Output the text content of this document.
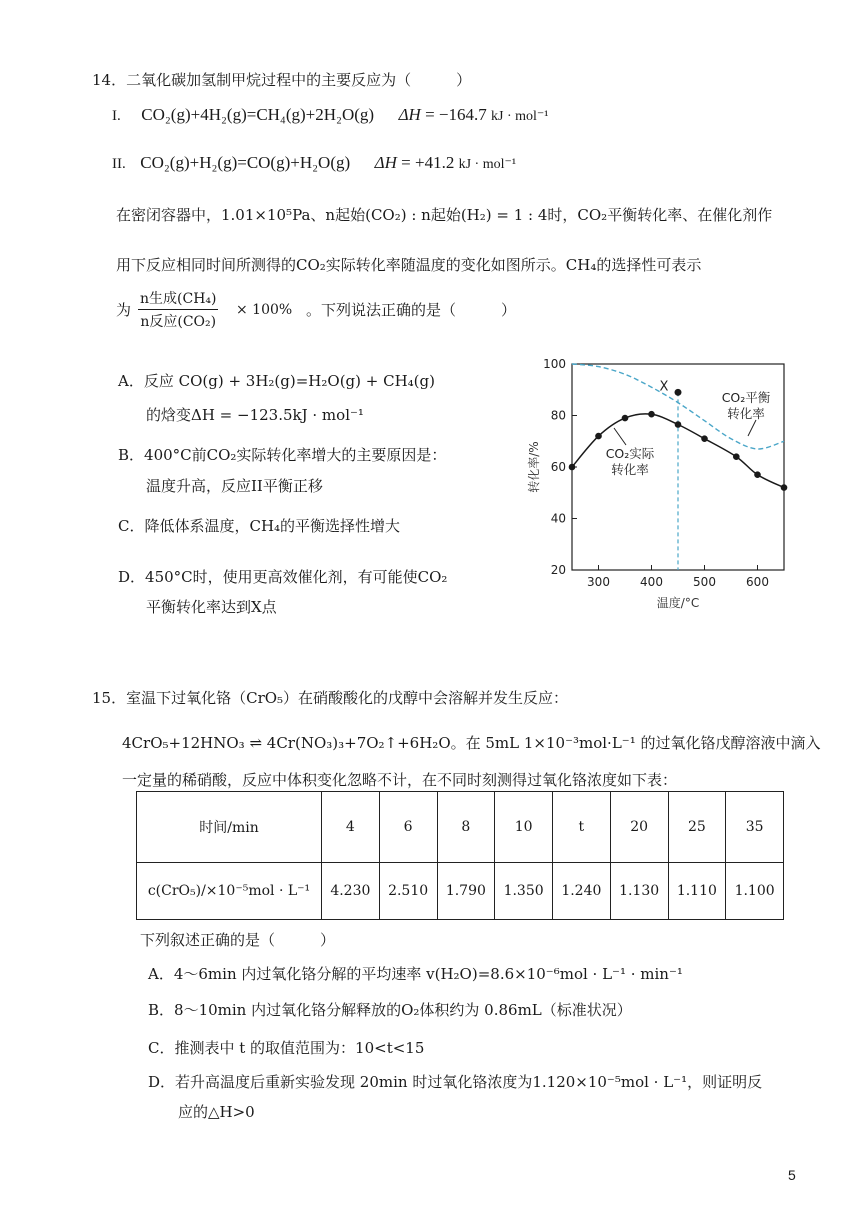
14．二氧化碳加氢制甲烷过程中的主要反应为（　　　）
I. CO₂(g)+4H₂(g)=CH₄(g)+2H₂O(g) ΔH = −164.7 kJ · mol⁻¹
II. CO₂(g)+H₂(g)=CO(g)+H₂O(g) ΔH = +41.2 kJ · mol⁻¹
在密闭容器中，1.01×10⁵Pa、n起始(CO₂) : n起始(H₂) = 1 : 4时，CO₂平衡转化率、在催化剂作
用下反应相同时间所测得的CO₂实际转化率随温度的变化如图所示。CH₄的选择性可表示
为
n生成(CH₄)
n反应(CO₂)
× 100% 。下列说法正确的是（　　　）
A．反应 CO(g) + 3H₂(g)=H₂O(g) + CH₄(g)
的焓变ΔH = −123.5kJ · mol⁻¹
B．400°C前CO₂实际转化率增大的主要原因是：
温度升高，反应II平衡正移
C．降低体系温度，CH₄的平衡选择性增大
D．450°C时，使用更高效催化剂，有可能使CO₂
平衡转化率达到X点
20
40
60
80
100
300	400	500	600
温度/°C
转化率/%
X
CO₂平衡
转化率
CO₂实际
转化率
15．室温下过氧化铬（CrO₅）在硝酸酸化的戊醇中会溶解并发生反应：
4CrO₅+12HNO₃ ⇌ 4Cr(NO₃)₃+7O₂↑+6H₂O。在 5mL 1×10⁻³mol·L⁻¹ 的过氧化铬戊醇溶液中滴入
一定量的稀硝酸，反应中体积变化忽略不计，在不同时刻测得过氧化铬浓度如下表：
时间/min	4	6	8	10	t	20	25	35
c(CrO₅)/×10⁻⁵mol · L⁻¹	4.230	2.510	1.790	1.350	1.240	1.130	1.110	1.100
下列叙述正确的是（　　　）
A．4～6min 内过氧化铬分解的平均速率 v(H₂O)=8.6×10⁻⁶mol · L⁻¹ · min⁻¹
B．8～10min 内过氧化铬分解释放的O₂体积约为 0.86mL（标准状况）
C．推测表中 t 的取值范围为：10<t<15
D．若升高温度后重新实验发现 20min 时过氧化铬浓度为1.120×10⁻⁵mol · L⁻¹，则证明反
应的△H>0
5
